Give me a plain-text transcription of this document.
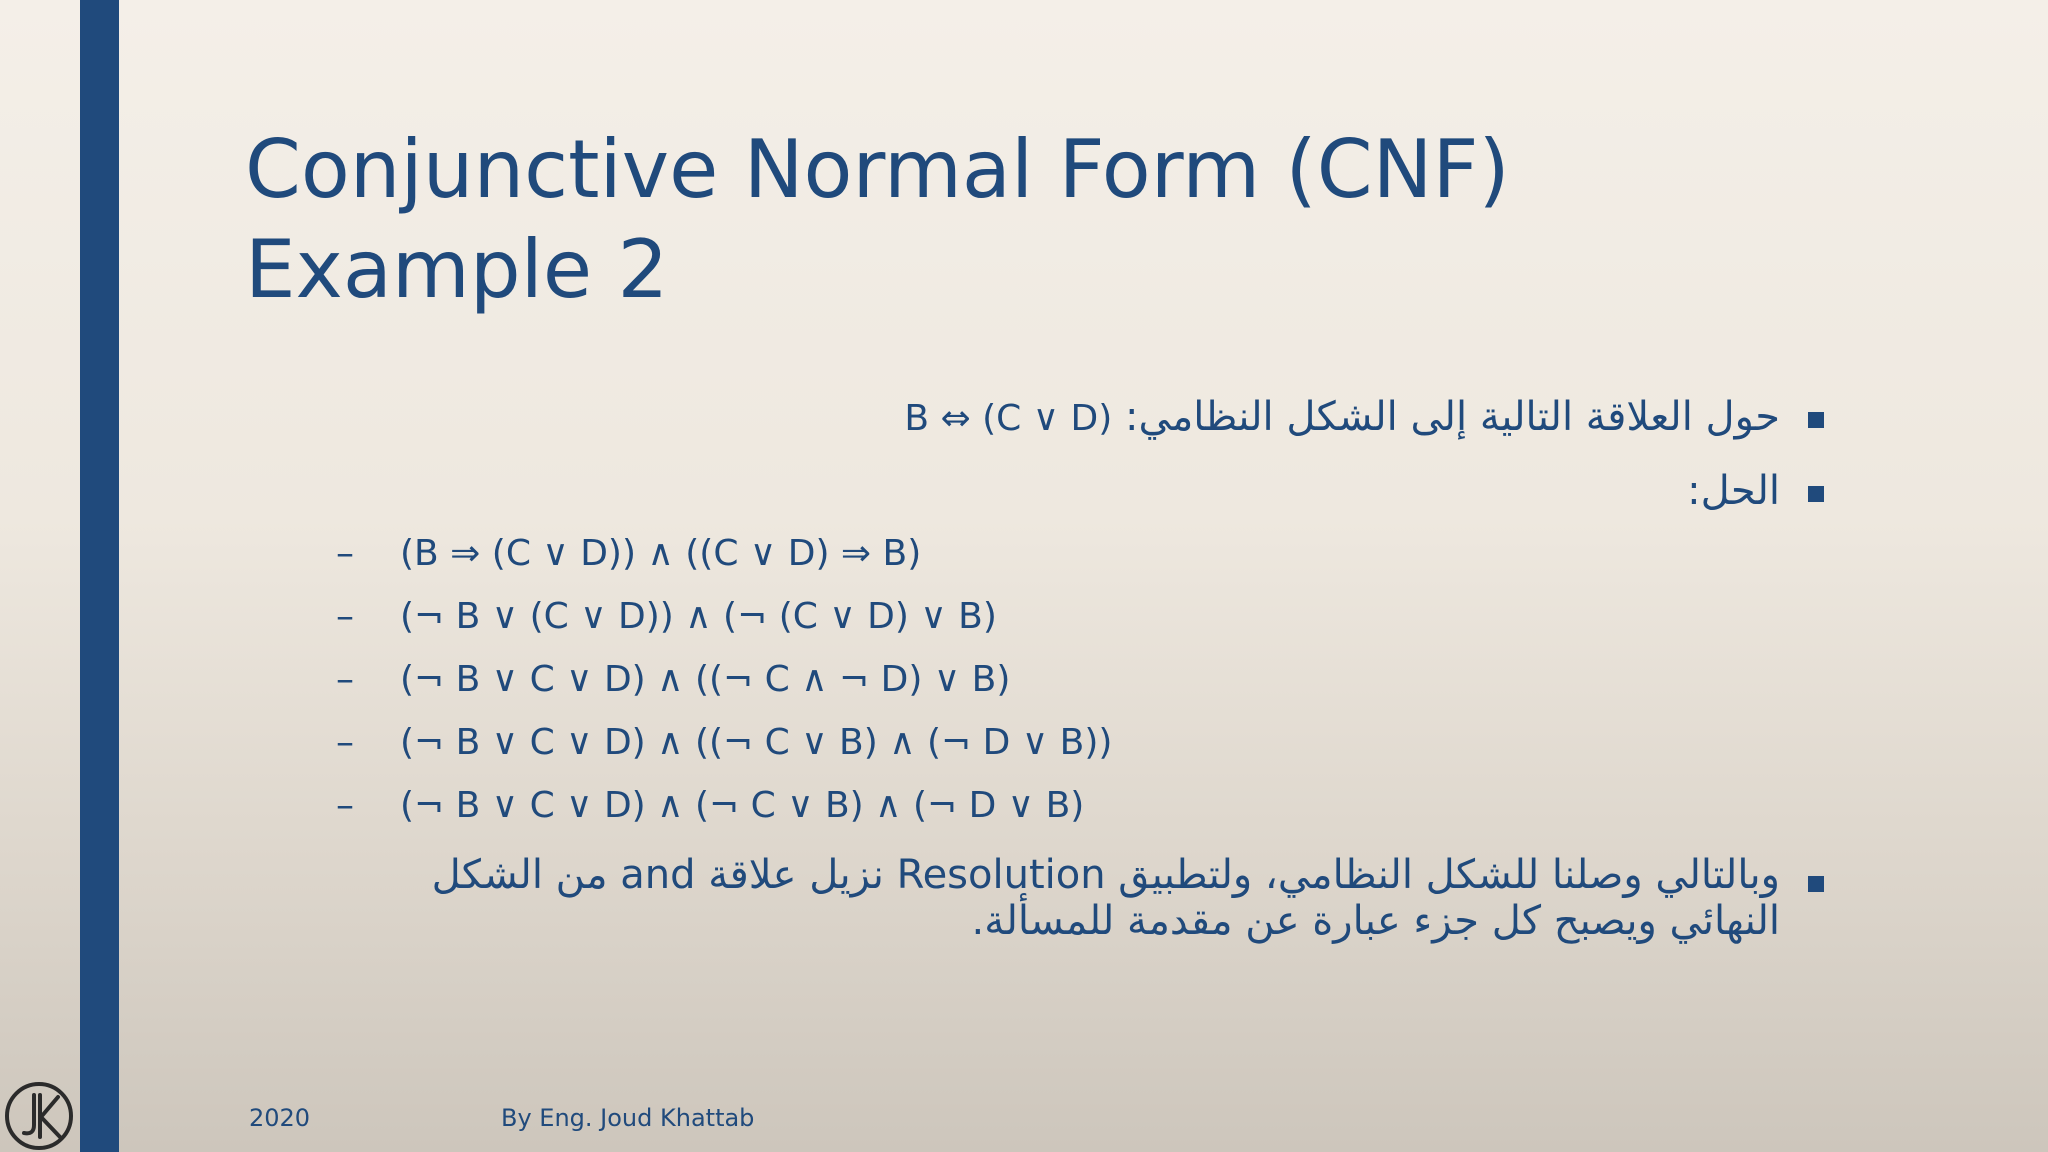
Conjunctive Normal Form (CNF)
Example 2
حول العلاقة التالية إلى الشكل النظامي: B ⇔ (C ∨ D)
الحل:
– (B ⇒ (C ∨ D)) ∧ ((C ∨ D) ⇒ B)
– (¬ B ∨ (C ∨ D)) ∧ (¬ (C ∨ D) ∨ B)
– (¬ B ∨ C ∨ D) ∧ ((¬ C ∧ ¬ D) ∨ B)
– (¬ B ∨ C ∨ D) ∧ ((¬ C ∨ B) ∧ (¬ D ∨ B))
– (¬ B ∨ C ∨ D) ∧ (¬ C ∨ B) ∧ (¬ D ∨ B)
وبالتالي وصلنا للشكل النظامي، ولتطبيق Resolution نزيل علاقة and من الشكل النهائي ويصبح كل جزء عبارة عن مقدمة للمسألة.
2020	By Eng. Joud Khattab
